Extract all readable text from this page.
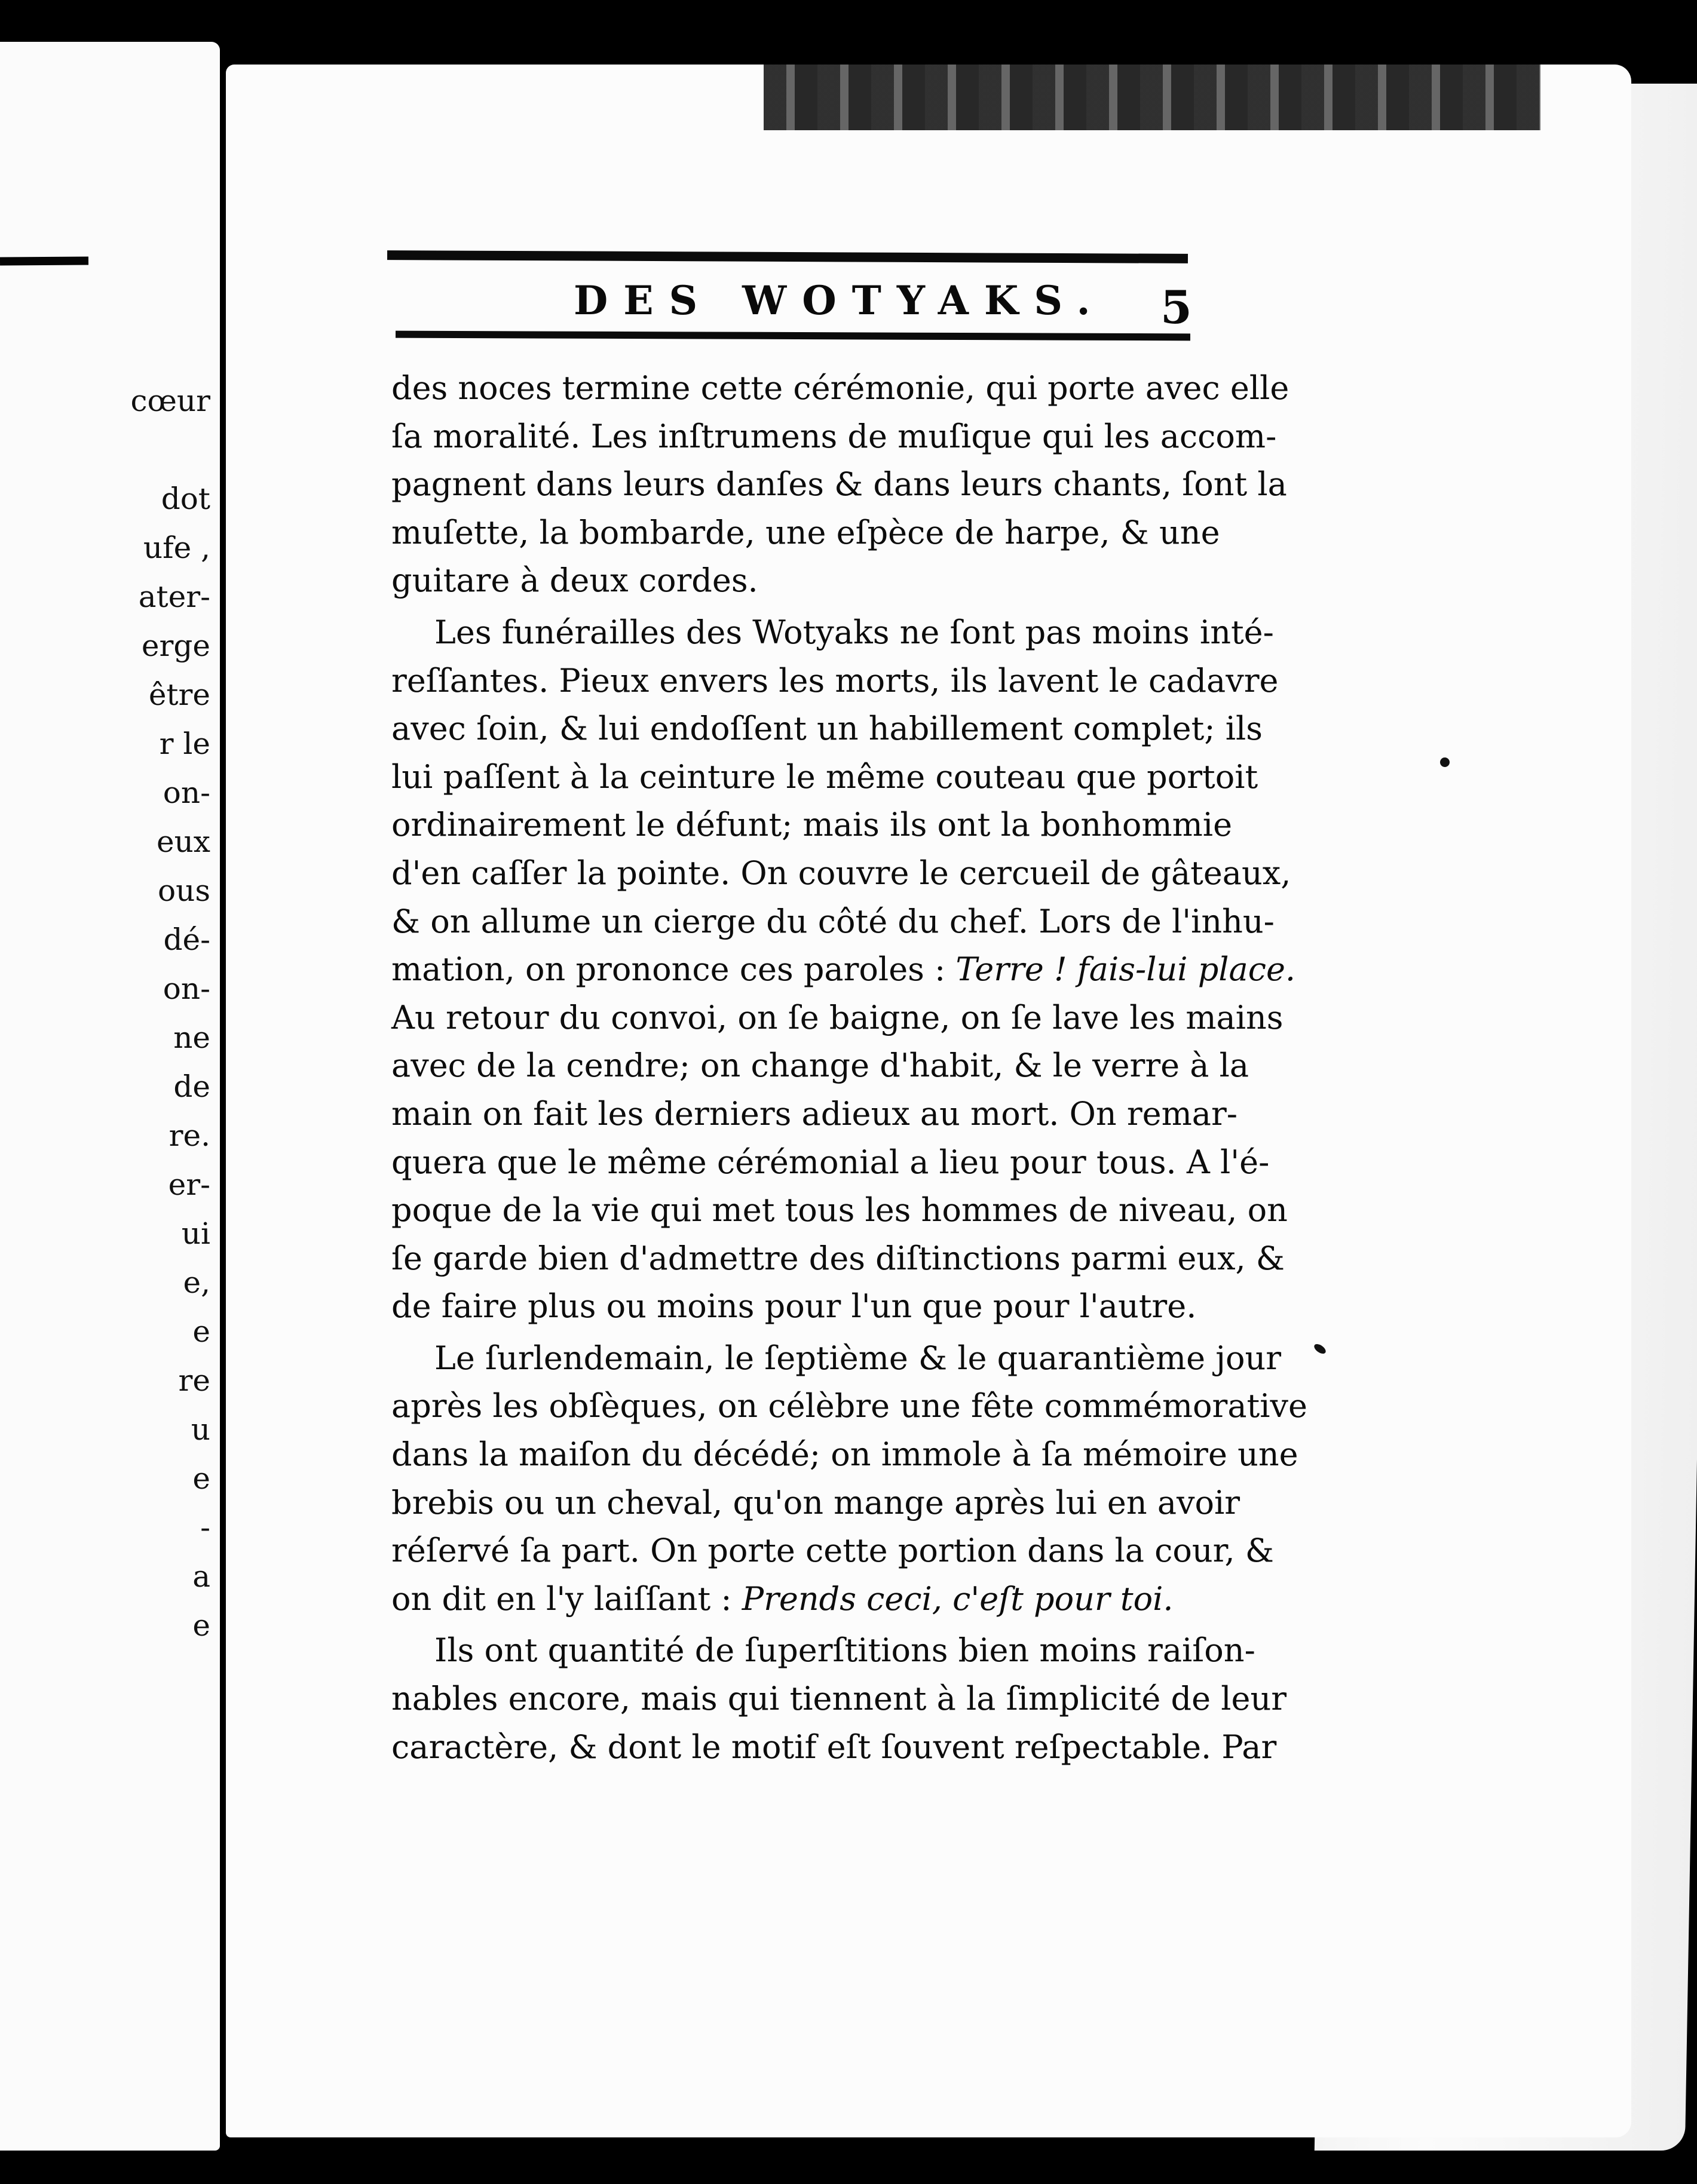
cœur
dot
ufe ,
ater-
erge
être
r le
on-
eux
ous
dé-
on-
ne
de
re.
er-
ui
e,
e
re
u
e
-
a
e
DES WOTYAKS. 5
des noces termine cette cérémonie, qui porte avec elle
ſa moralité. Les inſtrumens de muſique qui les accom-
pagnent dans leurs danſes & dans leurs chants, ſont la
muſette, la bombarde, une eſpèce de harpe, & une
guitare à deux cordes.
Les funérailles des Wotyaks ne ſont pas moins inté-
reſſantes. Pieux envers les morts, ils lavent le cadavre
avec ſoin, & lui endoſſent un habillement complet; ils
lui paſſent à la ceinture le même couteau que portoit
ordinairement le défunt; mais ils ont la bonhommie
d'en caſſer la pointe. On couvre le cercueil de gâteaux,
& on allume un cierge du côté du chef. Lors de l'inhu-
mation, on prononce ces paroles : Terre ! fais-lui place.
Au retour du convoi, on ſe baigne, on ſe lave les mains
avec de la cendre; on change d'habit, & le verre à la
main on fait les derniers adieux au mort. On remar-
quera que le même cérémonial a lieu pour tous. A l'é-
poque de la vie qui met tous les hommes de niveau, on
ſe garde bien d'admettre des diſtinctions parmi eux, &
de faire plus ou moins pour l'un que pour l'autre.
Le ſurlendemain, le ſeptième & le quarantième jour
après les obſèques, on célèbre une fête commémorative
dans la maiſon du décédé; on immole à ſa mémoire une
brebis ou un cheval, qu'on mange après lui en avoir
réſervé ſa part. On porte cette portion dans la cour, &
on dit en l'y laiſſant : Prends ceci, c'eſt pour toi.
Ils ont quantité de ſuperſtitions bien moins raiſon-
nables encore, mais qui tiennent à la ſimplicité de leur
caractère, & dont le motif eſt ſouvent reſpectable. Par
